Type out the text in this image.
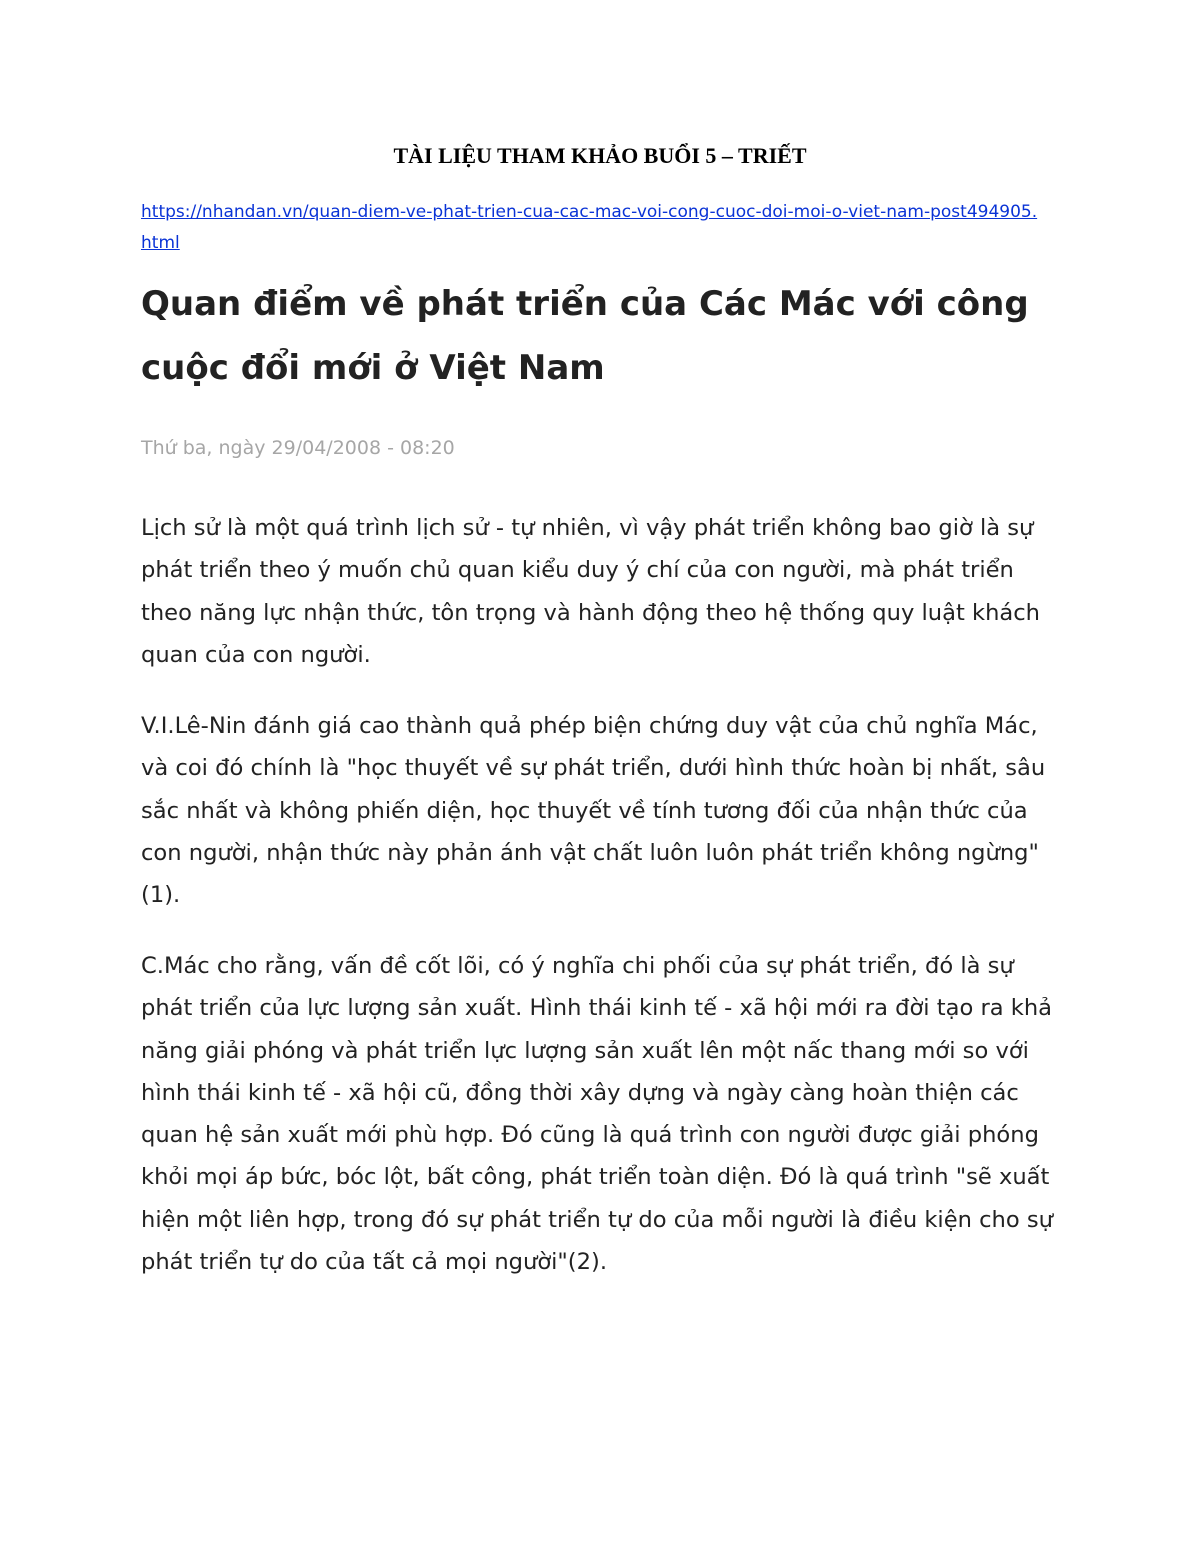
TÀI LIỆU THAM KHẢO BUỔI 5 – TRIẾT
https://nhandan.vn/quan-diem-ve-phat-trien-cua-cac-mac-voi-cong-cuoc-doi-moi-o-viet-nam-post494905.html
Quan điểm về phát triển của Các Mác với công cuộc đổi mới ở Việt Nam

Thứ ba, ngày 29/04/2008 - 08:20

Lịch sử là một quá trình lịch sử - tự nhiên, vì vậy phát triển không bao giờ là sự phát triển theo ý muốn chủ quan kiểu duy ý chí của con người, mà phát triển theo năng lực nhận thức, tôn trọng và hành động theo hệ thống quy luật khách quan của con người.

V.I.Lê-Nin đánh giá cao thành quả phép biện chứng duy vật của chủ nghĩa Mác, và coi đó chính là "học thuyết về sự phát triển, dưới hình thức hoàn bị nhất, sâu sắc nhất và không phiến diện, học thuyết về tính tương đối của nhận thức của con người, nhận thức này phản ánh vật chất luôn luôn phát triển không ngừng"(1).

C.Mác cho rằng, vấn đề cốt lõi, có ý nghĩa chi phối của sự phát triển, đó là sự phát triển của lực lượng sản xuất. Hình thái kinh tế - xã hội mới ra đời tạo ra khả năng giải phóng và phát triển lực lượng sản xuất lên một nấc thang mới so với hình thái kinh tế - xã hội cũ, đồng thời xây dựng và ngày càng hoàn thiện các quan hệ sản xuất mới phù hợp. Đó cũng là quá trình con người được giải phóng khỏi mọi áp bức, bóc lột, bất công, phát triển toàn diện. Đó là quá trình "sẽ xuất hiện một liên hợp, trong đó sự phát triển tự do của mỗi người là điều kiện cho sự phát triển tự do của tất cả mọi người"(2).
